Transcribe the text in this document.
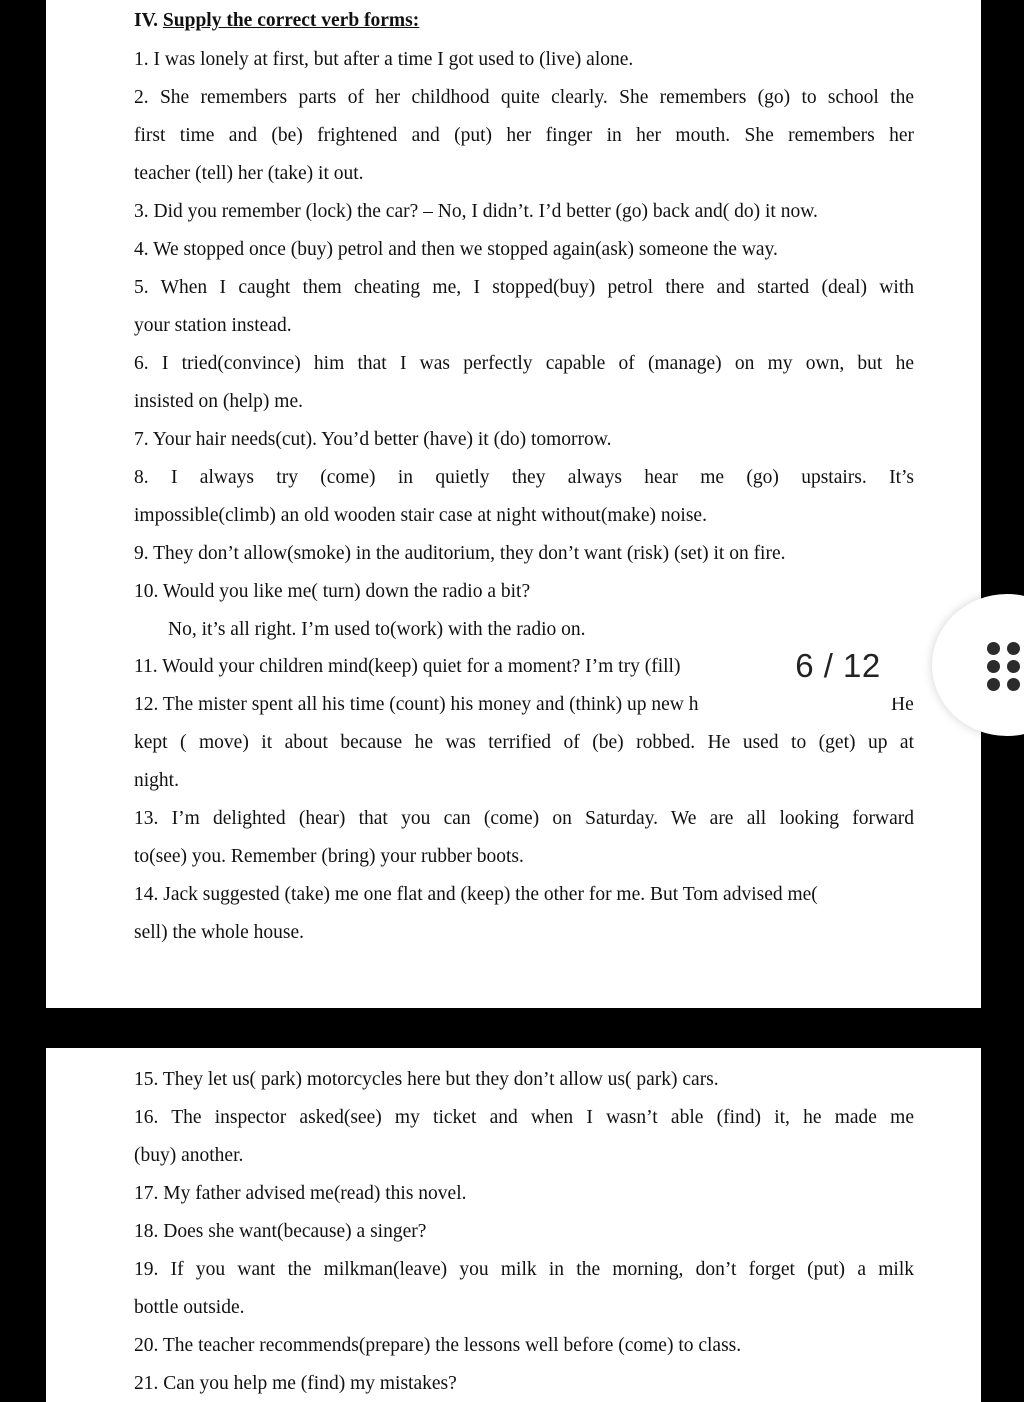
IV. Supply the correct verb forms:
1. I was lonely at first, but after a time I got used to (live) alone.
2. She remembers parts of her childhood quite clearly. She remembers (go) to school the
first time and (be) frightened and (put) her finger in her mouth. She remembers her
teacher (tell) her (take) it out.
3. Did you remember (lock) the car? – No, I didn’t. I’d better (go) back and( do) it now.
4. We stopped once (buy) petrol and then we stopped again(ask) someone the way.
5. When I caught them cheating me, I stopped(buy) petrol there and started (deal) with
your station instead.
6. I tried(convince) him that I was perfectly capable of (manage) on my own, but he
insisted on (help) me.
7. Your hair needs(cut). You’d better (have) it (do) tomorrow.
8. I always try (come) in quietly they always hear me (go) upstairs. It’s
impossible(climb) an old wooden stair case at night without(make) noise.
9. They don’t allow(smoke) in the auditorium, they don’t want (risk) (set) it on fire.
10. Would you like me( turn) down the radio a bit?
No, it’s all right. I’m used to(work) with the radio on.
11. Would your children mind(keep) quiet for a moment? I’m try (fill)
12. The mister spent all his time (count) his money and (think) up new h	He
kept ( move) it about because he was terrified of (be) robbed. He used to (get) up at
night.
13. I’m delighted (hear) that you can (come) on Saturday. We are all looking forward
to(see) you. Remember (bring) your rubber boots.
14. Jack suggested (take) me one flat and (keep) the other for me. But Tom advised me(
sell) the whole house.
15. They let us( park) motorcycles here but they don’t allow us( park) cars.
16. The inspector asked(see) my ticket and when I wasn’t able (find) it, he made me
(buy) another.
17. My father advised me(read) this novel.
18. Does she want(because) a singer?
19. If you want the milkman(leave) you milk in the morning, don’t forget (put) a milk
bottle outside.
20. The teacher recommends(prepare) the lessons well before (come) to class.
21. Can you help me (find) my mistakes?
6 / 12
